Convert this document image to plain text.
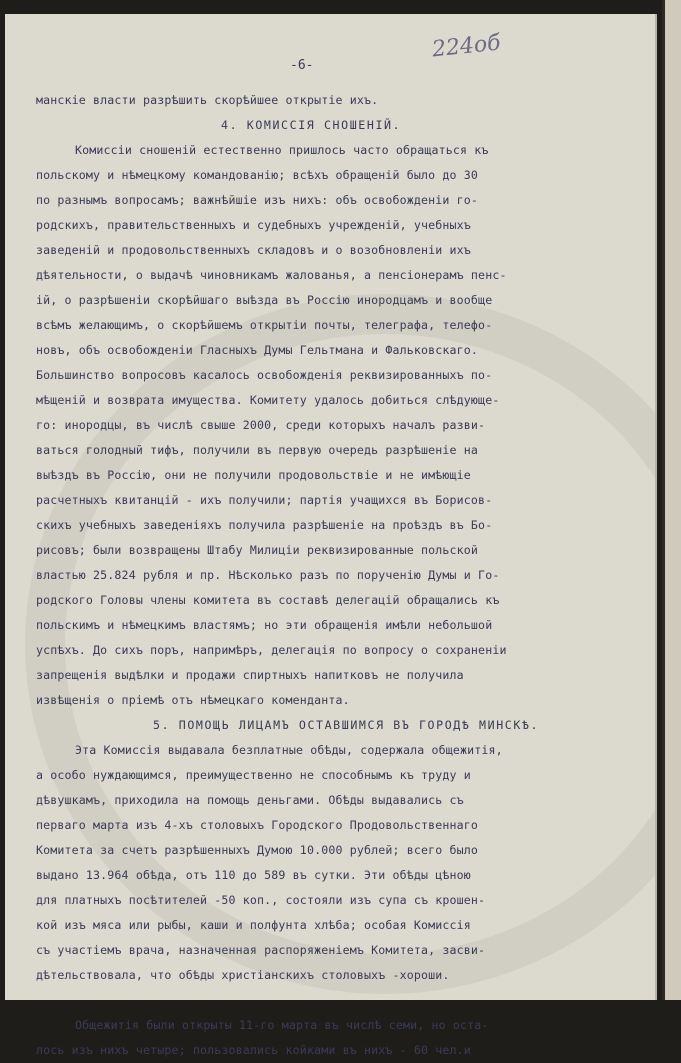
224об
-6-
манскіе власти разрѣшить скорѣйшее открытіе ихъ.
4. КОМИССІЯ СНОШЕНІЙ.
Комиссіи сношеній естественно пришлось часто обращаться къ
польскому и нѣмецкому командованію; всѣхъ обращеній было до 30
по разнымъ вопросамъ; важнѣйшіе изъ нихъ: объ освобожденіи го-
родскихъ, правительственныхъ и судебныхъ учрежденій, учебныхъ
заведеній и продовольственныхъ складовъ и о возобновленіи ихъ
дѣятельности, о выдачѣ чиновникамъ жалованья, а пенсіонерамъ пенс-
ій, о разрѣшеніи скорѣйшаго выѣзда въ Россію инородцамъ и вообще
всѣмъ желающимъ, о скорѣйшемъ открытіи почты, телеграфа, телефо-
новъ, объ освобожденіи Гласныхъ Думы Гельтмана и Фальковскаго.
Большинство вопросовъ касалось освобожденія реквизированныхъ по-
мѣщеній и возврата имущества. Комитету удалось добиться слѣдующе-
го: инородцы, въ числѣ свыше 2000, среди которыхъ началъ разви-
ваться голодный тифъ, получили въ первую очередь разрѣшеніе на
выѣздъ въ Россію, они не получили продовольствіе и не имѣющіе
расчетныхъ квитанцій - ихъ получили; партія учащихся въ Борисов-
скихъ учебныхъ заведеніяхъ получила разрѣшеніе на проѣздъ въ Бо-
рисовъ; были возвращены Штабу Милиціи реквизированные польской
властью 25.824 рубля и пр. Нѣсколько разъ по порученію Думы и Го-
родского Головы члены комитета въ составѣ делегацій обращались къ
польскимъ и нѣмецкимъ властямъ; но эти обращенія имѣли небольшой
успѣхъ. До сихъ поръ, напримѣръ, делегація по вопросу о сохраненіи
запрещенія выдѣлки и продажи спиртныхъ напитковъ не получила
извѣщенія о пріемѣ отъ нѣмецкаго коменданта.
5. ПОМОЩЬ ЛИЦАМЪ ОСТАВШИМСЯ ВЪ ГОРОДѢ МИНСКѢ.
Эта Комиссія выдавала безплатные обѣды, содержала общежитія,
а особо нуждающимся, преимущественно не способнымъ къ труду и
дѣвушкамъ, приходила на помощь деньгами. Обѣды выдавались съ
перваго марта изъ 4-хъ столовыхъ Городского Продовольственнаго
Комитета за счетъ разрѣшенныхъ Думою 10.000 рублей; всего было
выдано 13.964 обѣда, отъ 110 до 589 въ сутки. Эти обѣды цѣною
для платныхъ посѣтителей -50 коп., состояли изъ супа съ крошен-
кой изъ мяса или рыбы, каши и полфунта хлѣба; особая Комиссія
съ участіемъ врача, назначенная распоряженіемъ Комитета, засви-
дѣтельствовала, что обѣды христіанскихъ столовыхъ -хороши.
Общежитія были открыты 11-го марта въ числѣ семи, но оста-
лось изъ нихъ четыре; пользовались койками въ нихъ - 60 чел.и
